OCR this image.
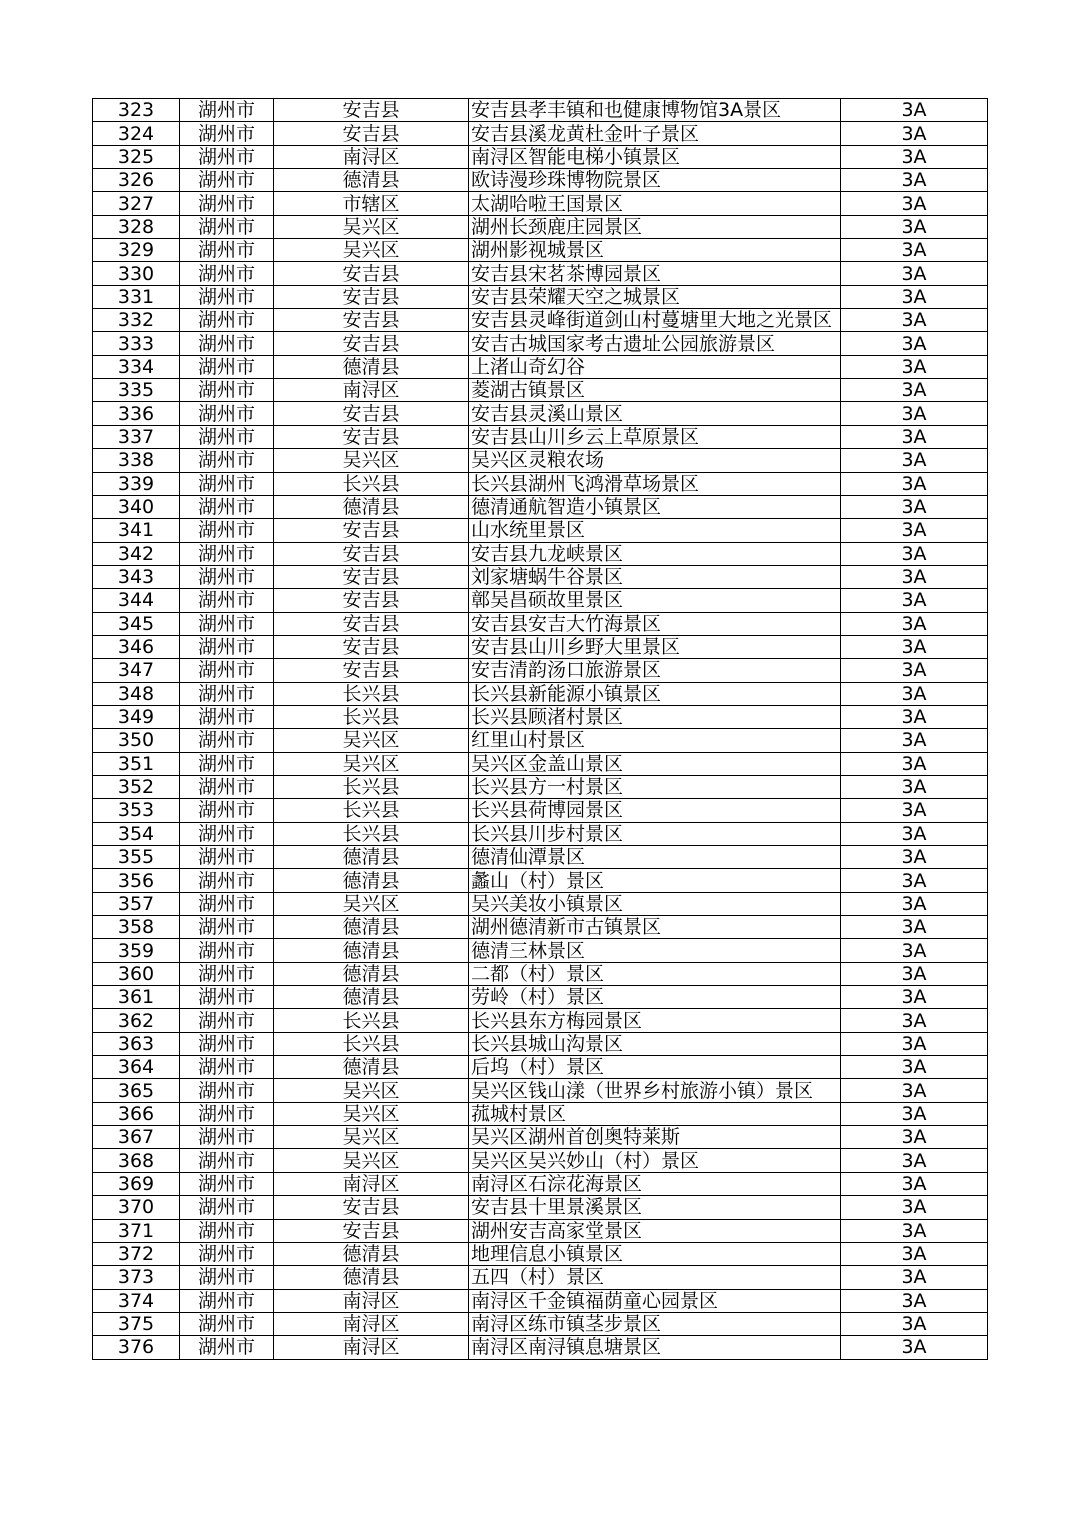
323	湖州市	安吉县	安吉县孝丰镇和也健康博物馆3A景区	3A
324	湖州市	安吉县	安吉县溪龙黄杜金叶子景区	3A
325	湖州市	南浔区	南浔区智能电梯小镇景区	3A
326	湖州市	德清县	欧诗漫珍珠博物院景区	3A
327	湖州市	市辖区	太湖哈啦王国景区	3A
328	湖州市	吴兴区	湖州长颈鹿庄园景区	3A
329	湖州市	吴兴区	湖州影视城景区	3A
330	湖州市	安吉县	安吉县宋茗茶博园景区	3A
331	湖州市	安吉县	安吉县荣耀天空之城景区	3A
332	湖州市	安吉县	安吉县灵峰街道剑山村蔓塘里大地之光景区	3A
333	湖州市	安吉县	安吉古城国家考古遗址公园旅游景区	3A
334	湖州市	德清县	上渚山奇幻谷	3A
335	湖州市	南浔区	菱湖古镇景区	3A
336	湖州市	安吉县	安吉县灵溪山景区	3A
337	湖州市	安吉县	安吉县山川乡云上草原景区	3A
338	湖州市	吴兴区	吴兴区灵粮农场	3A
339	湖州市	长兴县	长兴县湖州飞鸿滑草场景区	3A
340	湖州市	德清县	德清通航智造小镇景区	3A
341	湖州市	安吉县	山水统里景区	3A
342	湖州市	安吉县	安吉县九龙峡景区	3A
343	湖州市	安吉县	刘家塘蜗牛谷景区	3A
344	湖州市	安吉县	鄣吴昌硕故里景区	3A
345	湖州市	安吉县	安吉县安吉大竹海景区	3A
346	湖州市	安吉县	安吉县山川乡野大里景区	3A
347	湖州市	安吉县	安吉清韵汤口旅游景区	3A
348	湖州市	长兴县	长兴县新能源小镇景区	3A
349	湖州市	长兴县	长兴县顾渚村景区	3A
350	湖州市	吴兴区	红里山村景区	3A
351	湖州市	吴兴区	吴兴区金盖山景区	3A
352	湖州市	长兴县	长兴县方一村景区	3A
353	湖州市	长兴县	长兴县荷博园景区	3A
354	湖州市	长兴县	长兴县川步村景区	3A
355	湖州市	德清县	德清仙潭景区	3A
356	湖州市	德清县	蠡山（村）景区	3A
357	湖州市	吴兴区	吴兴美妆小镇景区	3A
358	湖州市	德清县	湖州德清新市古镇景区	3A
359	湖州市	德清县	德清三林景区	3A
360	湖州市	德清县	二都（村）景区	3A
361	湖州市	德清县	劳岭（村）景区	3A
362	湖州市	长兴县	长兴县东方梅园景区	3A
363	湖州市	长兴县	长兴县城山沟景区	3A
364	湖州市	德清县	后坞（村）景区	3A
365	湖州市	吴兴区	吴兴区钱山漾（世界乡村旅游小镇）景区	3A
366	湖州市	吴兴区	菰城村景区	3A
367	湖州市	吴兴区	吴兴区湖州首创奥特莱斯	3A
368	湖州市	吴兴区	吴兴区吴兴妙山（村）景区	3A
369	湖州市	南浔区	南浔区石淙花海景区	3A
370	湖州市	安吉县	安吉县十里景溪景区	3A
371	湖州市	安吉县	湖州安吉高家堂景区	3A
372	湖州市	德清县	地理信息小镇景区	3A
373	湖州市	德清县	五四（村）景区	3A
374	湖州市	南浔区	南浔区千金镇福荫童心园景区	3A
375	湖州市	南浔区	南浔区练市镇茎步景区	3A
376	湖州市	南浔区	南浔区南浔镇息塘景区	3A
